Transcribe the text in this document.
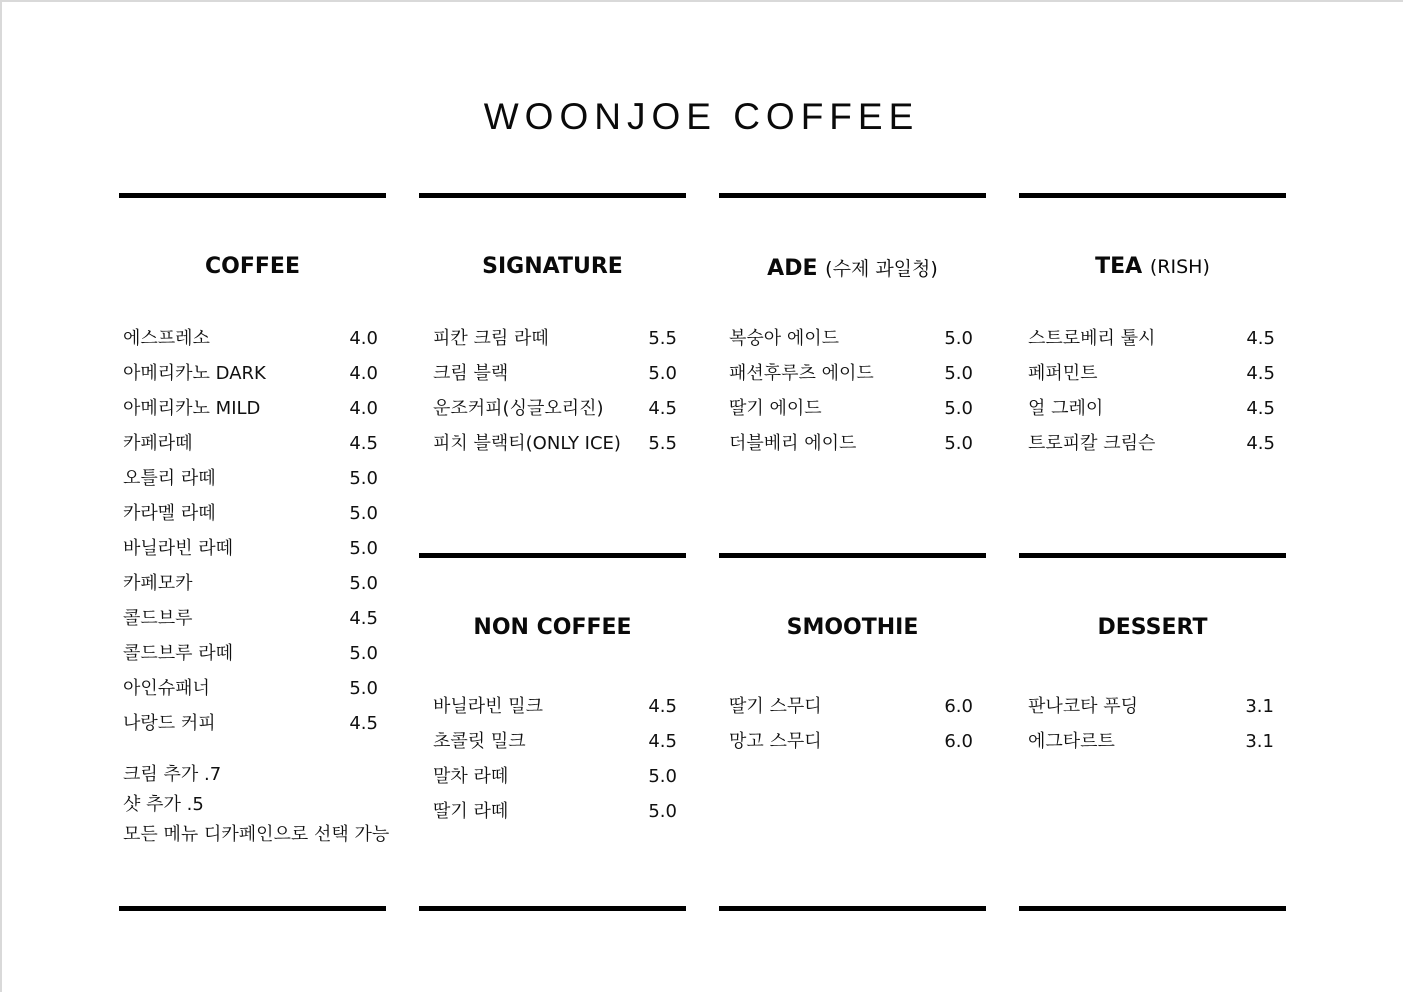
WOONJOE COFFEE
COFFEE
에스프레소	4.0
아메리카노 DARK	4.0
아메리카노 MILD	4.0
카페라떼	4.5
오틀리 라떼	5.0
카라멜 라떼	5.0
바닐라빈 라떼	5.0
카페모카	5.0
콜드브루	4.5
콜드브루 라떼	5.0
아인슈패너	5.0
나랑드 커피	4.5
크림 추가 .7
샷 추가 .5
모든 메뉴 디카페인으로 선택 가능
SIGNATURE
피칸 크림 라떼	5.5
크림 블랙	5.0
운조커피(싱글오리진) 4.5
피치 블랙티(ONLY ICE) 5.5
ADE (수제 과일청)
복숭아 에이드	5.0
패션후루츠 에이드	5.0
딸기 에이드	5.0
더블베리 에이드	5.0
TEA (RISH)
스트로베리 툴시	4.5
페퍼민트	4.5
얼 그레이	4.5
트로피칼 크림슨	4.5
NON COFFEE
바닐라빈 밀크	4.5
초콜릿 밀크	4.5
말차 라떼	5.0
딸기 라떼	5.0
SMOOTHIE
딸기 스무디	6.0
망고 스무디	6.0
DESSERT
판나코타 푸딩	3.1
에그타르트	3.1
